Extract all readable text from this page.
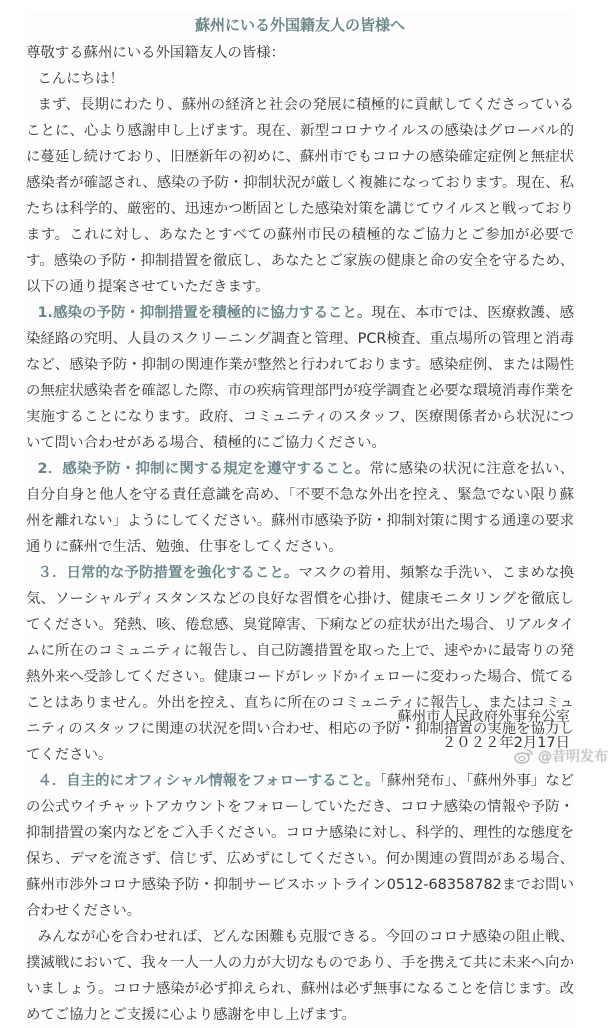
蘇州にいる外国籍友人の皆様へ

尊敬する蘇州にいる外国籍友人の皆様：

こんにちは！

まず、長期にわたり、蘇州の経済と社会の発展に積極的に貢献してくださっていることに、心より感謝申し上げます。現在、新型コロナウイルスの感染はグローバル的に蔓延し続けており、旧歴新年の初めに、蘇州市でもコロナの感染確定症例と無症状感染者が確認され、感染の予防・抑制状況が厳しく複雑になっております。現在、私たちは科学的、厳密的、迅速かつ断固とした感染対策を講じてウイルスと戦っております。これに対し、あなたとすべての蘇州市民の積極的なご協力とご参加が必要です。感染の予防・抑制措置を徹底し、あなたとご家族の健康と命の安全を守るため、以下の通り提案させていただきます。

1.感染の予防・抑制措置を積極的に協力すること。現在、本市では、医療救護、感染経路の究明、人員のスクリーニング調査と管理、PCR検査、重点場所の管理と消毒など、感染予防・抑制の関連作業が整然と行われております。感染症例、または陽性の無症状感染者を確認した際、市の疾病管理部門が疫学調査と必要な環境消毒作業を実施することになります。政府、コミュニティのスタッフ、医療関係者から状況について問い合わせがある場合、積極的にご協力ください。

2．感染予防・抑制に関する規定を遵守すること。常に感染の状況に注意を払い、自分自身と他人を守る責任意識を高め、「不要不急な外出を控え、緊急でない限り蘇州を離れない」ようにしてください。蘇州市感染予防・抑制対策に関する通達の要求通りに蘇州で生活、勉強、仕事をしてください。

３．日常的な予防措置を強化すること。マスクの着用、頻繁な手洗い、こまめな換気、ソーシャルディスタンスなどの良好な習慣を心掛け、健康モニタリングを徹底してください。発熱、咳、倦怠感、臭覚障害、下痢などの症状が出た場合、リアルタイムに所在のコミュニティに報告し、自己防護措置を取った上で、速やかに最寄りの発熱外来へ受診してください。健康コードがレッドかイェローに変わった場合、慌てることはありません。外出を控え、直ちに所在のコミュニティに報告し、またはコミュニティのスタッフに関連の状況を問い合わせ、相応の予防・抑制措置の実施を協力してください。

４．自主的にオフィシャル情報をフォローすること。「蘇州発布」、「蘇州外事」などの公式ウイチャットアカウントをフォローしていただき、コロナ感染の情報や予防・抑制措置の案内などをご入手ください。コロナ感染に対し、科学的、理性的な態度を保ち、デマを流さず、信じず、広めずにしてください。何か関連の質問がある場合、蘇州市渉外コロナ感染予防・抑制サービスホットライン0512-68358782までお問い合わせください。

みんなが心を合わせれば、どんな困難も克服できる。今回のコロナ感染の阻止戦、撲滅戦において、我々一人一人の力が大切なものであり、手を携えて共に未来へ向かいましょう。コロナ感染が必ず抑えられ、蘇州は必ず無事になることを信じます。改めてご協力とご支援に心より感謝を申し上げます。

蘇州市人民政府外事弁公室
２０２２年2月17日
@昔明发布
